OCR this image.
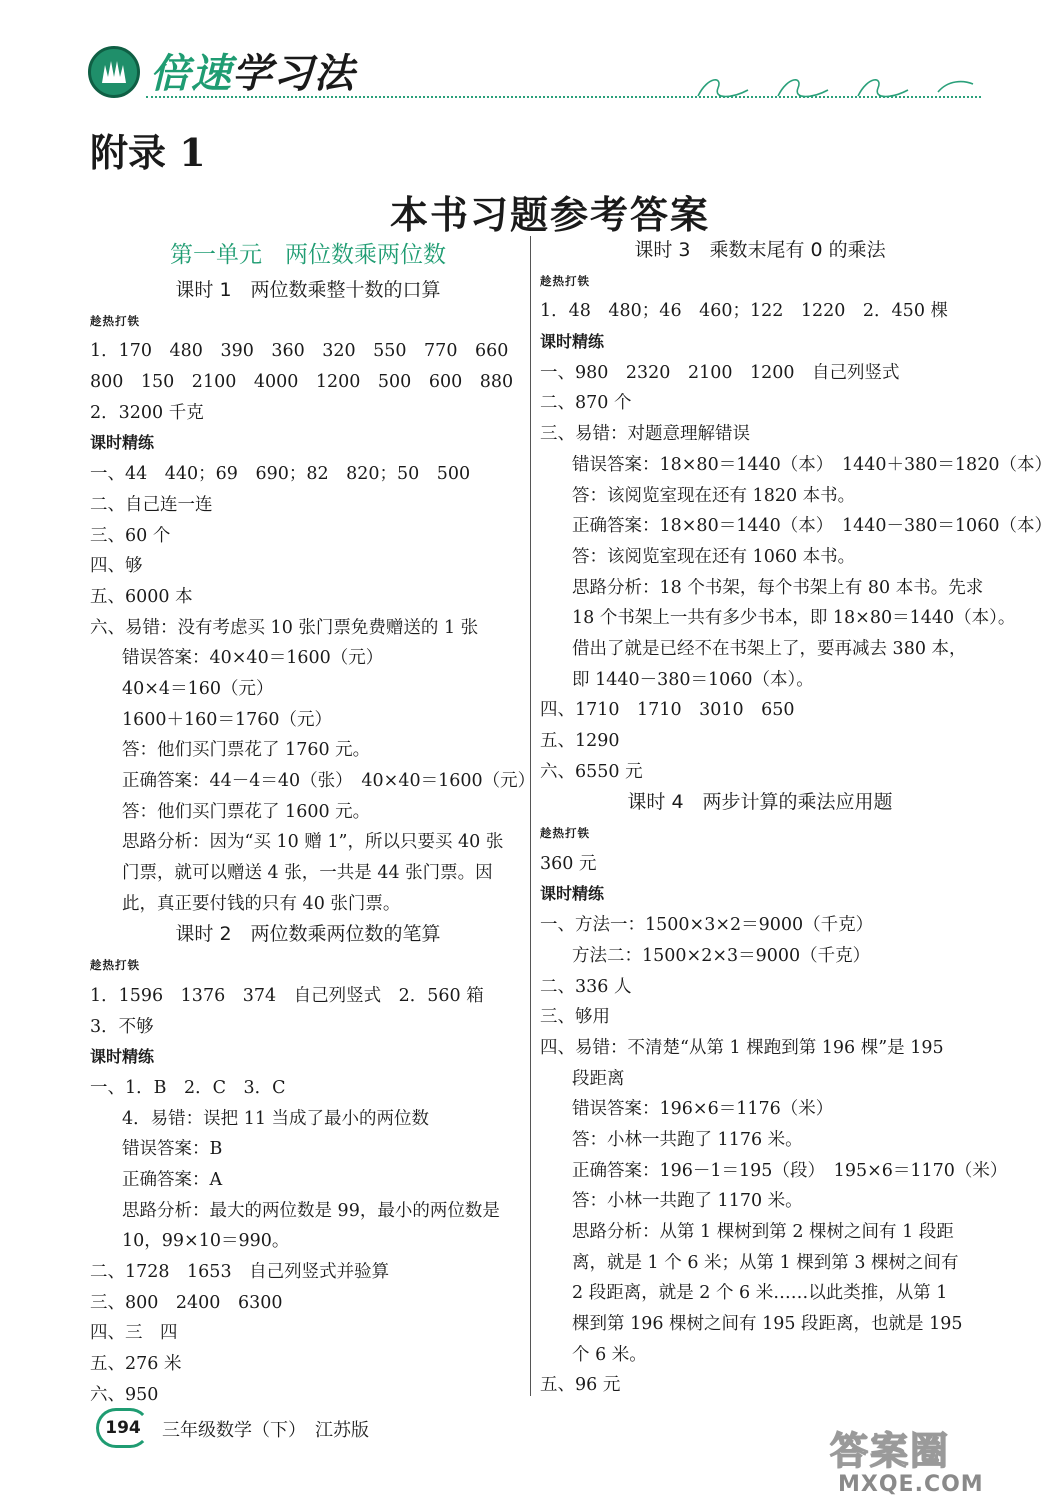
倍速学习法
附录 1
本书习题参考答案
第一单元　两位数乘两位数
课时 1　两位数乘整十数的口算
趁热打铁
1．170　480　390　360　320　550　770　660
800　150　2100　4000　1200　500　600　880
2．3200 千克
课时精练
一、44　440；69　690；82　820；50　500
二、自己连一连
三、60 个
四、够
五、6000 本
六、易错：没有考虑买 10 张门票免费赠送的 1 张
错误答案：40×40＝1600（元）
40×4＝160（元）
1600＋160＝1760（元）
答：他们买门票花了 1760 元。
正确答案：44－4＝40（张）　40×40＝1600（元）
答：他们买门票花了 1600 元。
思路分析：因为“买 10 赠 1”，所以只要买 40 张
门票，就可以赠送 4 张，一共是 44 张门票。因
此，真正要付钱的只有 40 张门票。
课时 2　两位数乘两位数的笔算
趁热打铁
1．1596　1376　374　自己列竖式　2．560 箱
3．不够
课时精练
一、1．B　2．C　3．C
4．易错：误把 11 当成了最小的两位数
错误答案：B
正确答案：A
思路分析：最大的两位数是 99，最小的两位数是
10，99×10＝990。
二、1728　1653　自己列竖式并验算
三、800　2400　6300
四、三　四
五、276 米
六、950
课时 3　乘数末尾有 0 的乘法
趁热打铁
1．48　480；46　460；122　1220　2．450 棵
课时精练
一、980　2320　2100　1200　自己列竖式
二、870 个
三、易错：对题意理解错误
错误答案：18×80＝1440（本）　1440＋380＝1820（本）
答：该阅览室现在还有 1820 本书。
正确答案：18×80＝1440（本）　1440－380＝1060（本）
答：该阅览室现在还有 1060 本书。
思路分析：18 个书架，每个书架上有 80 本书。先求
18 个书架上一共有多少书本，即 18×80＝1440（本）。
借出了就是已经不在书架上了，要再减去 380 本，
即 1440－380＝1060（本）。
四、1710　1710　3010　650
五、1290
六、6550 元
课时 4　两步计算的乘法应用题
趁热打铁
360 元
课时精练
一、方法一：1500×3×2＝9000（千克）
方法二：1500×2×3＝9000（千克）
二、336 人
三、够用
四、易错：不清楚“从第 1 棵跑到第 196 棵”是 195
段距离
错误答案：196×6＝1176（米）
答：小林一共跑了 1176 米。
正确答案：196－1＝195（段）　195×6＝1170（米）
答：小林一共跑了 1170 米。
思路分析：从第 1 棵树到第 2 棵树之间有 1 段距
离，就是 1 个 6 米；从第 1 棵到第 3 棵树之间有
2 段距离，就是 2 个 6 米……以此类推，从第 1
棵到第 196 棵树之间有 195 段距离，也就是 195
个 6 米。
五、96 元
194	三年级数学（下）　江苏版	答案圈
MXQE.COM
